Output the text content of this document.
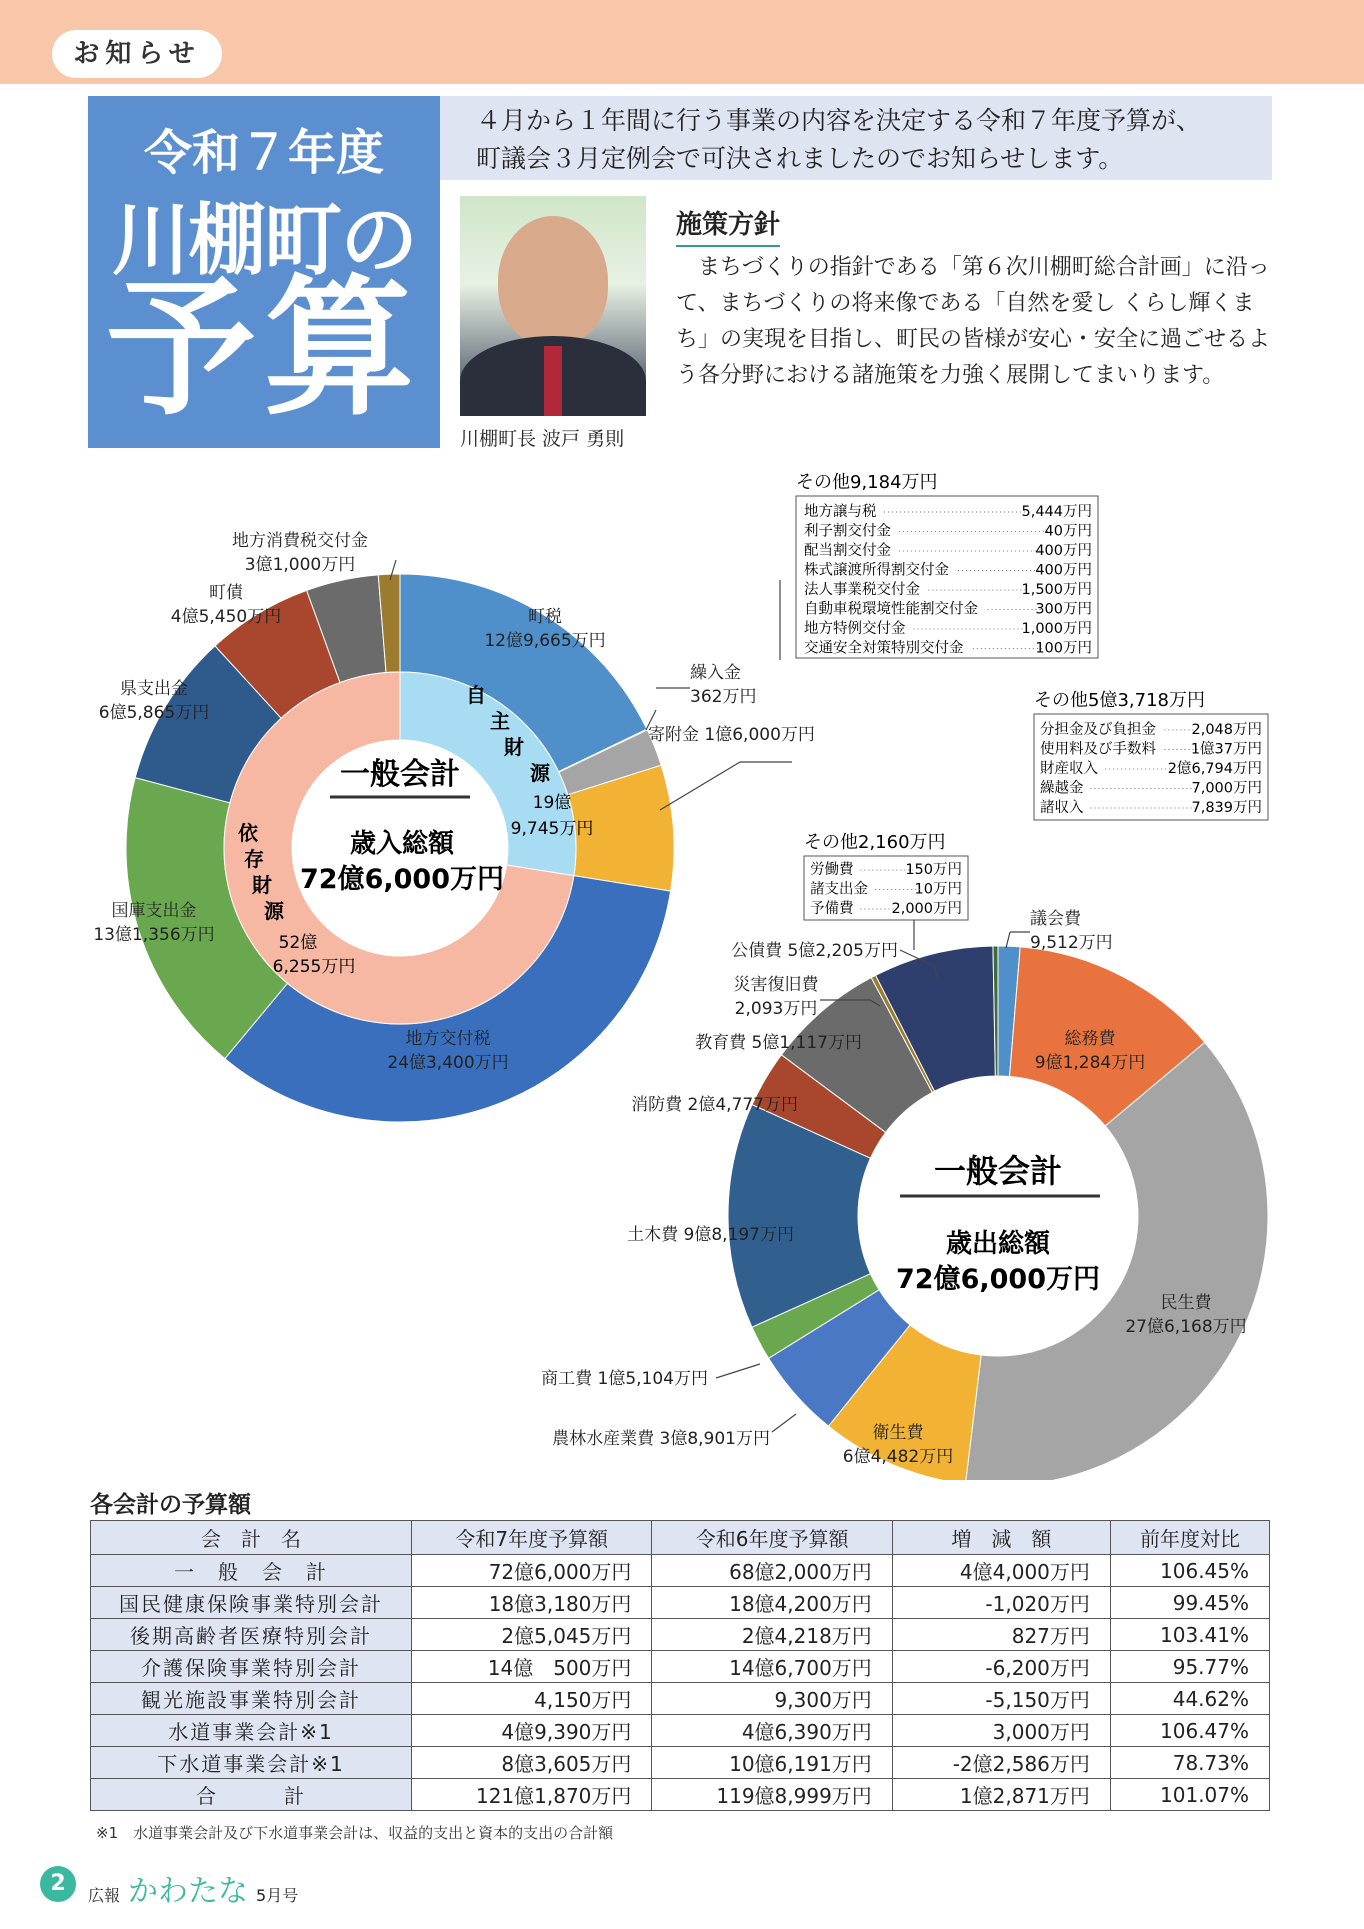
お知らせ
令和７年度
川棚町の
予算
４月から１年間に行う事業の内容を決定する令和７年度予算が、
町議会３月定例会で可決されましたのでお知らせします。
川棚町長 波戸 勇則
施策方針
まちづくりの指針である「第６次川棚町総合計画」に沿って、まちづくりの将来像である「自然を愛し くらし輝くまち」の実現を目指し、町民の皆様が安心・安全に過ごせるよう各分野における諸施策を力強く展開してまいります。
一般会計
歳入総額
72億6,000万円
19億
9,745万円
52億
6,255万円
一般会計
歳出総額
72億6,000万円
町税
12億9,665万円
繰入金
362万円
寄附金 1億6,000万円
地方交付税
24億3,400万円
国庫支出金
13億1,356万円
県支出金
6億5,865万円
町債
4億5,450万円
地方消費税交付金
3億1,000万円
議会費
9,512万円
総務費
9億1,284万円
民生費
27億6,168万円
衛生費
6億4,482万円
農林水産業費 3億8,901万円
商工費 1億5,104万円
土木費 9億8,197万円
消防費 2億4,777万円
教育費 5億1,117万円
災害復旧費
2,093万円
公債費 5億2,205万円
その他9,184万円
地方譲与税	5,444万円
利子割交付金	40万円
配当割交付金	400万円
株式譲渡所得割交付金	400万円
法人事業税交付金	1,500万円
自動車税環境性能割交付金	300万円
地方特例交付金	1,000万円
交通安全対策特別交付金	100万円
その他5億3,718万円
分担金及び負担金 2,048万円
使用料及び手数料 1億37万円
財産収入	2億6,794万円
繰越金	7,000万円
諸収入	7,839万円
その他2,160万円
労働費	150万円
諸支出金	10万円
予備費	2,000万円
自主財源
依存財源
各会計の予算額
会　計　名	令和7年度予算額	令和6年度予算額	増　減　額	前年度対比
一　般　会　計	72億6,000万円	68億2,000万円	4億4,000万円	106.45%
国民健康保険事業特別会計	18億3,180万円	18億4,200万円	-1,020万円	99.45%
後期高齢者医療特別会計	2億5,045万円	2億4,218万円	827万円	103.41%
介護保険事業特別会計	14億　500万円	14億6,700万円	-6,200万円	95.77%
観光施設事業特別会計	4,150万円	9,300万円	-5,150万円	44.62%
水道事業会計※1	4億9,390万円	4億6,390万円	3,000万円	106.47%
下水道事業会計※1	8億3,605万円	10億6,191万円	-2億2,586万円	78.73%
合　　　計	121億1,870万円	119億8,999万円	1億2,871万円	101.07%
※1　水道事業会計及び下水道事業会計は、収益的支出と資本的支出の合計額
2	広報 かわたな 5月号
